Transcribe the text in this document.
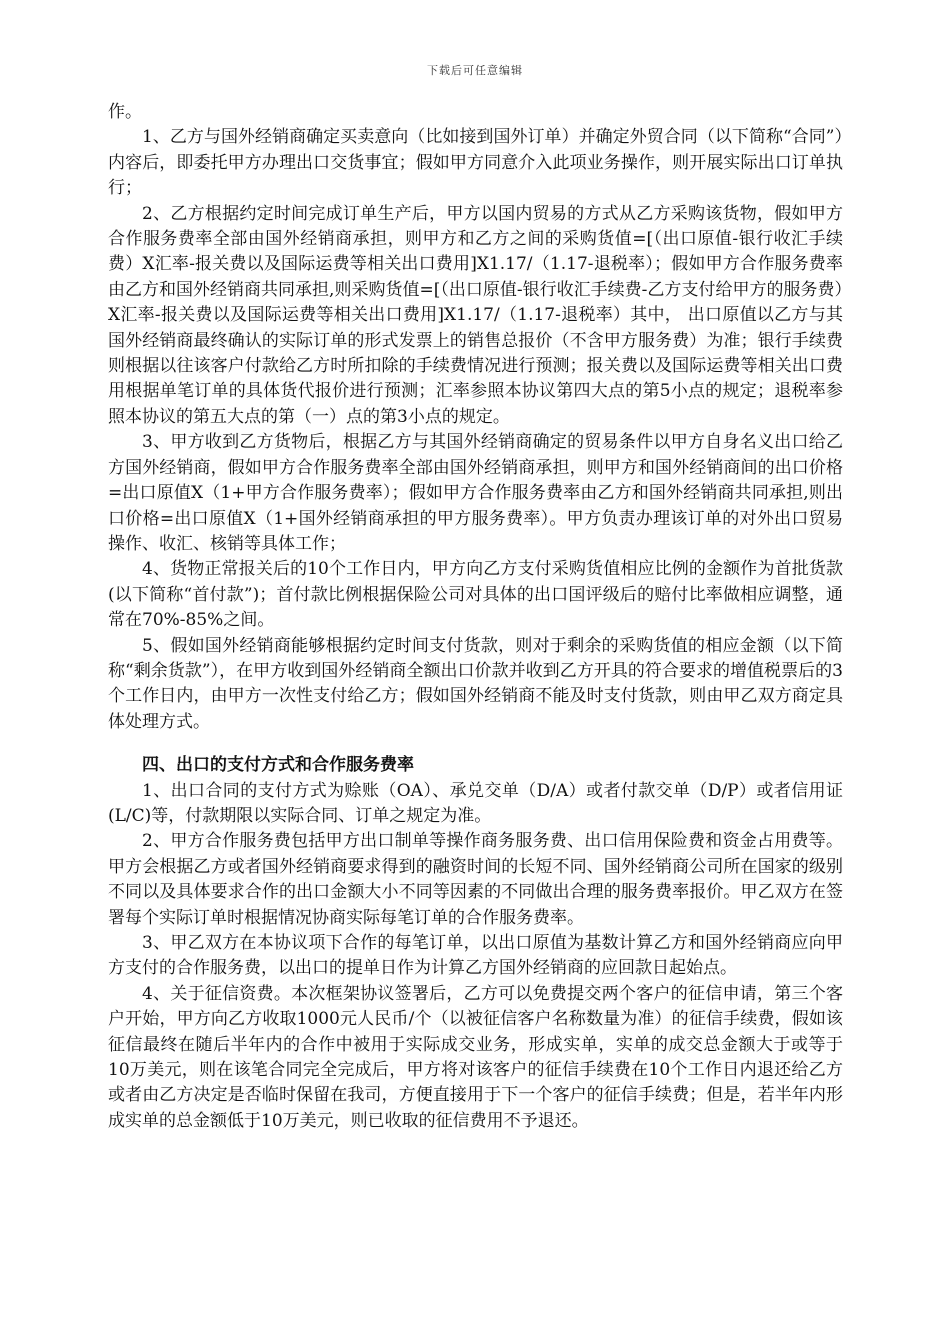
下载后可任意编辑

作。

1、乙方与国外经销商确定买卖意向（比如接到国外订单）并确定外贸合同（以下简称“合同”）内容后，即委托甲方办理出口交货事宜；假如甲方同意介入此项业务操作，则开展实际出口订单执行；

2、乙方根据约定时间完成订单生产后，甲方以国内贸易的方式从乙方采购该货物，假如甲方合作服务费率全部由国外经销商承担，则甲方和乙方之间的采购货值=[（出口原值-银行收汇手续费）X汇率-报关费以及国际运费等相关出口费用]X1.17/（1.17-退税率）；假如甲方合作服务费率由乙方和国外经销商共同承担,则采购货值=[（出口原值-银行收汇手续费-乙方支付给甲方的服务费）X汇率-报关费以及国际运费等相关出口费用]X1.17/（1.17-退税率）其中， 出口原值以乙方与其国外经销商最终确认的实际订单的形式发票上的销售总报价（不含甲方服务费）为准；银行手续费则根据以往该客户付款给乙方时所扣除的手续费情况进行预测；报关费以及国际运费等相关出口费用根据单笔订单的具体货代报价进行预测；汇率参照本协议第四大点的第5小点的规定；退税率参照本协议的第五大点的第（一）点的第3小点的规定。

3、甲方收到乙方货物后，根据乙方与其国外经销商确定的贸易条件以甲方自身名义出口给乙方国外经销商，假如甲方合作服务费率全部由国外经销商承担，则甲方和国外经销商间的出口价格=出口原值X（1+甲方合作服务费率）；假如甲方合作服务费率由乙方和国外经销商共同承担,则出口价格=出口原值X（1+国外经销商承担的甲方服务费率）。甲方负责办理该订单的对外出口贸易操作、收汇、核销等具体工作；

4、货物正常报关后的10个工作日内，甲方向乙方支付采购货值相应比例的金额作为首批货款(以下简称“首付款”)；首付款比例根据保险公司对具体的出口国评级后的赔付比率做相应调整，通常在70%-85%之间。

5、假如国外经销商能够根据约定时间支付货款，则对于剩余的采购货值的相应金额（以下简称“剩余货款”），在甲方收到国外经销商全额出口价款并收到乙方开具的符合要求的增值税票后的3个工作日内，由甲方一次性支付给乙方；假如国外经销商不能及时支付货款，则由甲乙双方商定具体处理方式。

四、出口的支付方式和合作服务费率

1、出口合同的支付方式为赊账（OA）、承兑交单（D/A）或者付款交单（D/P）或者信用证(L/C)等，付款期限以实际合同、订单之规定为准。

2、甲方合作服务费包括甲方出口制单等操作商务服务费、出口信用保险费和资金占用费等。甲方会根据乙方或者国外经销商要求得到的融资时间的长短不同、国外经销商公司所在国家的级别不同以及具体要求合作的出口金额大小不同等因素的不同做出合理的服务费率报价。甲乙双方在签署每个实际订单时根据情况协商实际每笔订单的合作服务费率。

3、甲乙双方在本协议项下合作的每笔订单，以出口原值为基数计算乙方和国外经销商应向甲方支付的合作服务费，以出口的提单日作为计算乙方国外经销商的应回款日起始点。

4、关于征信资费。本次框架协议签署后，乙方可以免费提交两个客户的征信申请，第三个客户开始，甲方向乙方收取1000元人民币/个（以被征信客户名称数量为准）的征信手续费，假如该征信最终在随后半年内的合作中被用于实际成交业务，形成实单，实单的成交总金额大于或等于10万美元，则在该笔合同完全完成后，甲方将对该客户的征信手续费在10个工作日内退还给乙方或者由乙方决定是否临时保留在我司，方便直接用于下一个客户的征信手续费；但是，若半年内形成实单的总金额低于10万美元，则已收取的征信费用不予退还。
